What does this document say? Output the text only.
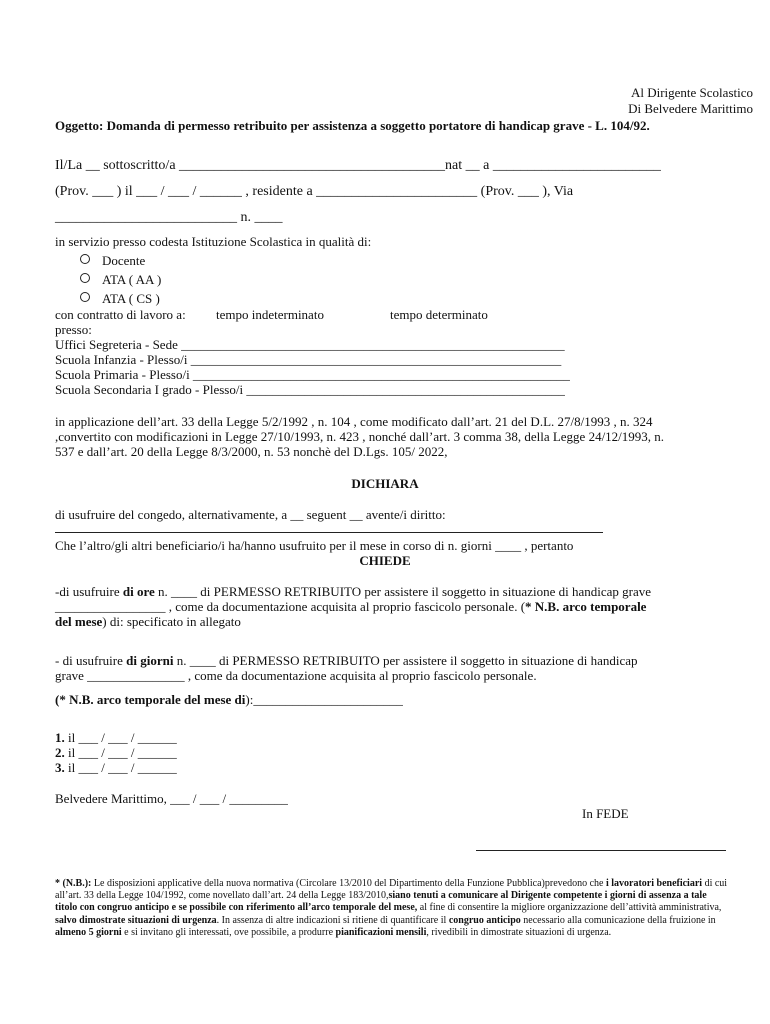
Al Dirigente Scolastico
Di Belvedere Marittimo
Oggetto: Domanda di permesso retribuito per assistenza a soggetto portatore di handicap grave - L. 104/92.
Il/La __ sottoscritto/a ______________________________________nat __ a ________________________
(Prov. ___ ) il ___ / ___ / ______ , residente a _______________________ (Prov. ___ ), Via
__________________________ n. ____
in servizio presso codesta Istituzione Scolastica in qualità di:
Docente
ATA ( AA )
ATA ( CS )
con contratto di lavoro a: tempo indeterminato	tempo determinato
presso:
Uffici Segreteria - Sede ___________________________________________________________
Scuola Infanzia - Plesso/i _________________________________________________________
Scuola Primaria - Plesso/i __________________________________________________________
Scuola Secondaria I grado - Plesso/i _________________________________________________
in applicazione dell’art. 33 della Legge 5/2/1992 , n. 104 , come modificato dall’art. 21 del D.L. 27/8/1993 , n. 324
,convertito con modificazioni in Legge 27/10/1993, n. 423 , nonché dall’art. 3 comma 38, della Legge 24/12/1993, n.
537 e dall’art. 20 della Legge 8/3/2000, n. 53 nonchè del D.Lgs. 105/ 2022,
DICHIARA
di usufruire del congedo, alternativamente, a __ seguent __ avente/i diritto:
Che l’altro/gli altri beneficiario/i ha/hanno usufruito per il mese in corso di n. giorni ____ , pertanto
CHIEDE
-di usufruire di ore n. ____ di PERMESSO RETRIBUITO per assistere il soggetto in situazione di handicap grave
_________________ , come da documentazione acquisita al proprio fascicolo personale. (* N.B. arco temporale
del mese) di: specificato in allegato
- di usufruire di giorni n. ____ di PERMESSO RETRIBUITO per assistere il soggetto in situazione di handicap
grave _______________ , come da documentazione acquisita al proprio fascicolo personale.
(* N.B. arco temporale del mese di):_______________________
1. il ___ / ___ / ______
2. il ___ / ___ / ______
3. il ___ / ___ / ______
Belvedere Marittimo, ___ / ___ / _________
In FEDE
* (N.B.): Le disposizioni applicative della nuova normativa (Circolare 13/2010 del Dipartimento della Funzione Pubblica)prevedono che i lavoratori beneficiari di cui all’art. 33 della Legge 104/1992, come novellato dall’art. 24 della Legge 183/2010,siano tenuti a comunicare al Dirigente competente i giorni di assenza a tale titolo con congruo anticipo e se possibile con riferimento all’arco temporale del mese, al fine di consentire la migliore organizzazione dell’attività amministrativa, salvo dimostrate situazioni di urgenza. In assenza di altre indicazioni si ritiene di quantificare il congruo anticipo necessario alla comunicazione della fruizione in almeno 5 giorni e si invitano gli interessati, ove possibile, a produrre pianificazioni mensili, rivedibili in dimostrate situazioni di urgenza.
